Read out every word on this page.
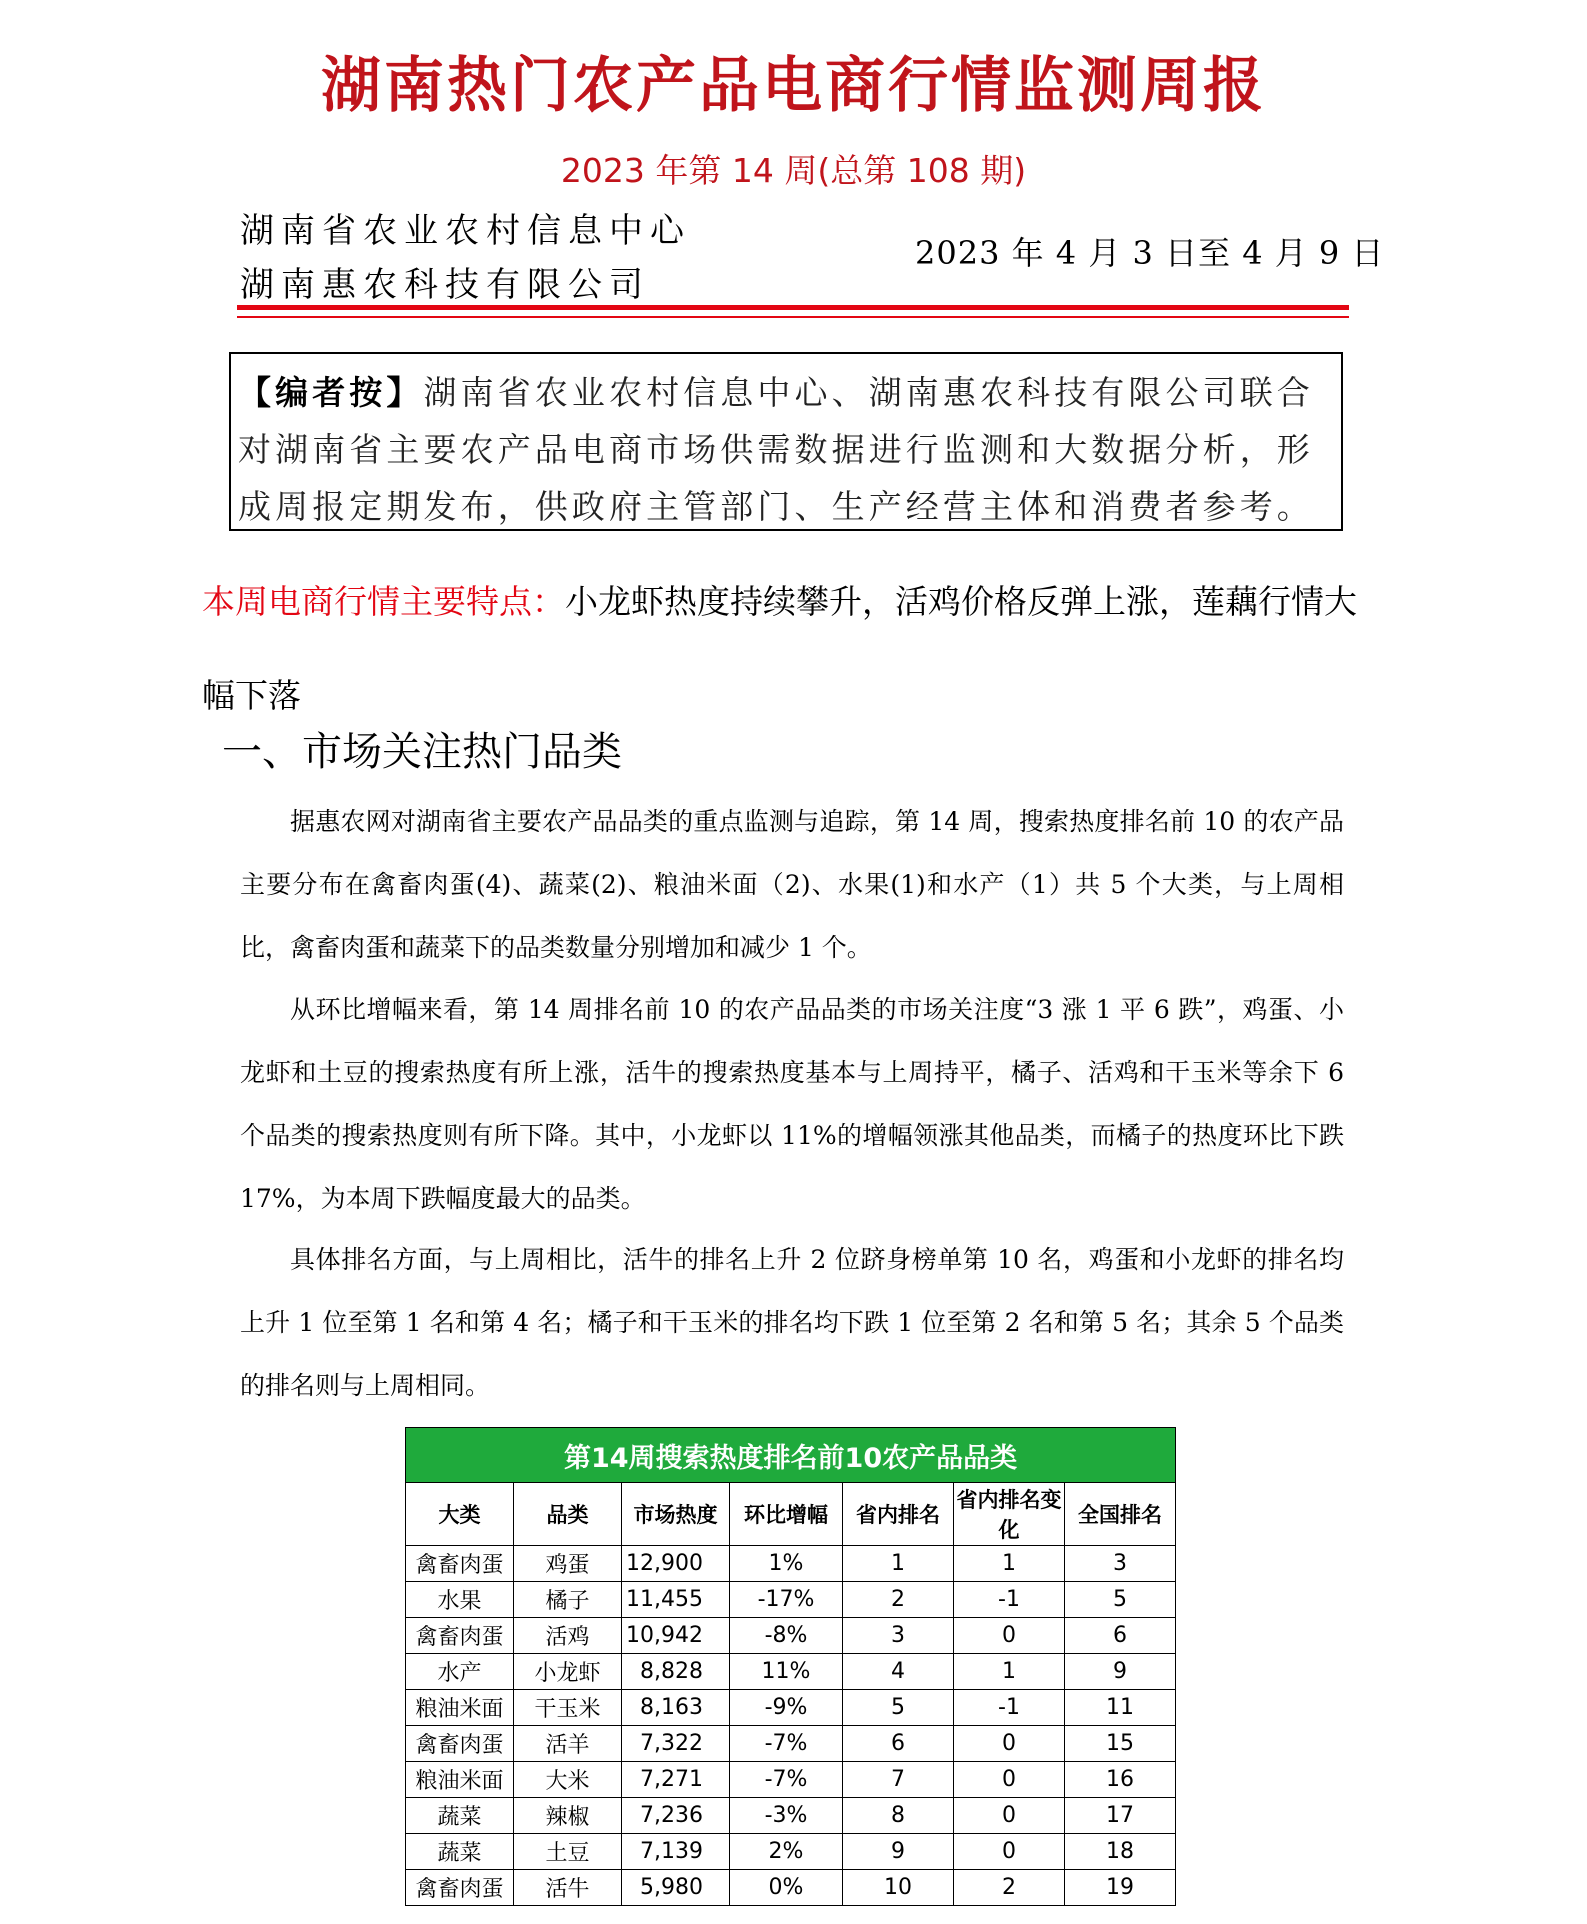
湖南热门农产品电商行情监测周报
2023 年第 14 周(总第 108 期)
湖南省农业农村信息中心
湖南惠农科技有限公司
2023 年 4 月 3 日至 4 月 9 日
【编者按】湖南省农业农村信息中心、湖南惠农科技有限公司联合对湖南省主要农产品电商市场供需数据进行监测和大数据分析，形成周报定期发布，供政府主管部门、生产经营主体和消费者参考。
本周电商行情主要特点：小龙虾热度持续攀升，活鸡价格反弹上涨，莲藕行情大幅下落
一、市场关注热门品类
据惠农网对湖南省主要农产品品类的重点监测与追踪，第 14 周，搜索热度排名前 10 的农产品主要分布在禽畜肉蛋(4)、蔬菜(2)、粮油米面（2)、水果(1)和水产（1）共 5 个大类，与上周相比，禽畜肉蛋和蔬菜下的品类数量分别增加和减少 1 个。
从环比增幅来看，第 14 周排名前 10 的农产品品类的市场关注度“3 涨 1 平 6 跌”，鸡蛋、小龙虾和土豆的搜索热度有所上涨，活牛的搜索热度基本与上周持平，橘子、活鸡和干玉米等余下 6 个品类的搜索热度则有所下降。其中，小龙虾以 11%的增幅领涨其他品类，而橘子的热度环比下跌 17%，为本周下跌幅度最大的品类。
具体排名方面，与上周相比，活牛的排名上升 2 位跻身榜单第 10 名，鸡蛋和小龙虾的排名均上升 1 位至第 1 名和第 4 名；橘子和干玉米的排名均下跌 1 位至第 2 名和第 5 名；其余 5 个品类的排名则与上周相同。
第14周搜索热度排名前10农产品品类						
大类	品类	市场热度	环比增幅	省内排名	省内排名变化	全国排名
禽畜肉蛋	鸡蛋	12,900	1%	1	1	3
水果	橘子	11,455	-17%	2	-1	5
禽畜肉蛋	活鸡	10,942	-8%	3	0	6
水产	小龙虾	8,828	11%	4	1	9
粮油米面	干玉米	8,163	-9%	5	-1	11
禽畜肉蛋	活羊	7,322	-7%	6	0	15
粮油米面	大米	7,271	-7%	7	0	16
蔬菜	辣椒	7,236	-3%	8	0	17
蔬菜	土豆	7,139	2%	9	0	18
禽畜肉蛋	活牛	5,980	0%	10	2	19
